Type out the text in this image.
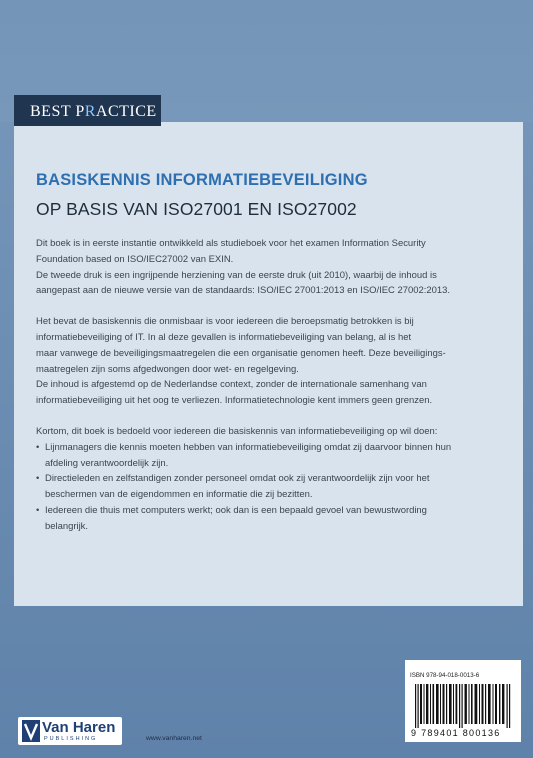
BEST PRACTICE
BASISKENNIS INFORMATIEBEVEILIGING
OP BASIS VAN ISO27001 EN ISO27002

Dit boek is in eerste instantie ontwikkeld als studieboek voor het examen Information Security
Foundation based on ISO/IEC27002 van EXIN.
De tweede druk is een ingrijpende herziening van de eerste druk (uit 2010), waarbij de inhoud is
aangepast aan de nieuwe versie van de standaards: ISO/IEC 27001:2013 en ISO/IEC 27002:2013.

Het bevat de basiskennis die onmisbaar is voor iedereen die beroepsmatig betrokken is bij
informatiebeveiliging of IT. In al deze gevallen is informatiebeveiliging van belang, al is het
maar vanwege de beveiligingsmaatregelen die een organisatie genomen heeft. Deze beveiligings-
maatregelen zijn soms afgedwongen door wet- en regelgeving.
De inhoud is afgestemd op de Nederlandse context, zonder de internationale samenhang van
informatiebeveiliging uit het oog te verliezen. Informatietechnologie kent immers geen grenzen.

Kortom, dit boek is bedoeld voor iedereen die basiskennis van informatiebeveiliging op wil doen:

• Lijnmanagers die kennis moeten hebben van informatiebeveiliging omdat zij daarvoor binnen hun
afdeling verantwoordelijk zijn.
• Directieleden en zelfstandigen zonder personeel omdat ook zij verantwoordelijk zijn voor het
beschermen van de eigendommen en informatie die zij bezitten.
• Iedereen die thuis met computers werkt; ook dan is een bepaald gevoel van bewustwording
belangrijk.
ISBN 978-94-018-0013-6
9 789401 800136
Van Haren
PUBLISHING	www.vanharen.net
